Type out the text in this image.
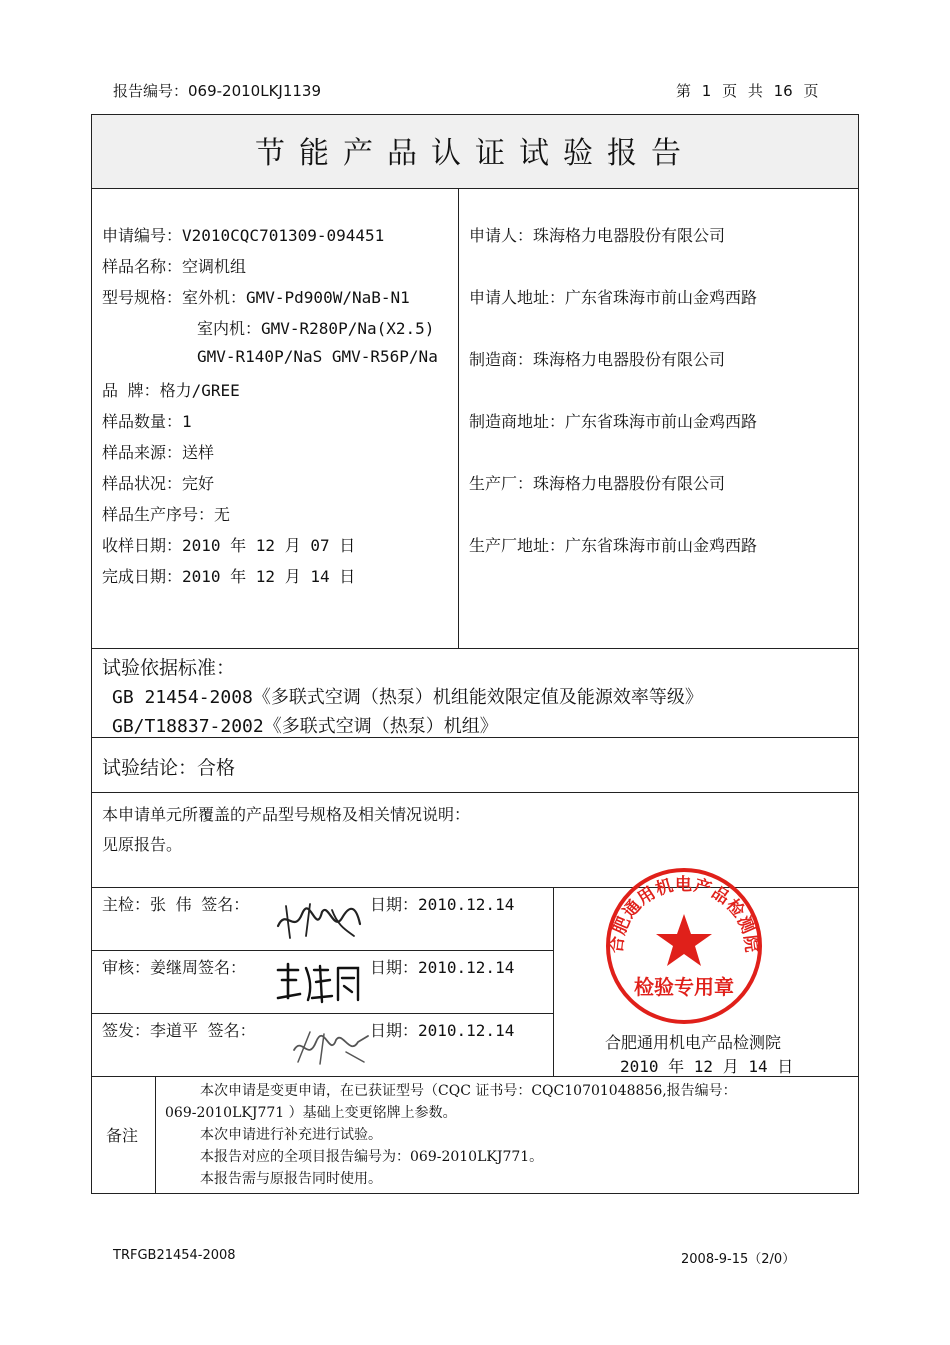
报告编号：069-2010LKJ1139	第 1 页 共 16 页
节能产品认证试验报告
申请编号：V2010CQC701309-094451
样品名称：空调机组
型号规格：室外机：GMV-Pd900W/NaB-N1
室内机：GMV-R280P/Na(X2.5)
GMV-R140P/NaS GMV-R56P/Na
品 牌：格力/GREE
样品数量：1
样品来源：送样
样品状况：完好
样品生产序号：无
收样日期：2010 年 12 月 07 日
完成日期：2010 年 12 月 14 日
申请人：珠海格力电器股份有限公司
申请人地址：广东省珠海市前山金鸡西路
制造商：珠海格力电器股份有限公司
制造商地址：广东省珠海市前山金鸡西路
生产厂：珠海格力电器股份有限公司
生产厂地址：广东省珠海市前山金鸡西路
试验依据标准：
GB 21454-2008《多联式空调（热泵）机组能效限定值及能源效率等级》
GB/T18837-2002《多联式空调（热泵）机组》
试验结论：合格
本申请单元所覆盖的产品型号规格及相关情况说明：
见原报告。
主检：张 伟 签名：	日期：2010.12.14
审核：姜继周签名：	日期：2010.12.14
签发：李道平 签名：	日期：2010.12.14
合肥通用机电产品检测院
检验专用章
合肥通用机电产品检测院
2010 年 12 月 14 日
备注
本次申请是变更申请，在已获证型号（CQC 证书号：CQC10701048856,报告编号：
069-2010LKJ771 ）基础上变更铭牌上参数。
本次申请进行补充进行试验。
本报告对应的全项目报告编号为：069-2010LKJ771。
本报告需与原报告同时使用。
TRFGB21454-2008	2008-9-15（2/0）
